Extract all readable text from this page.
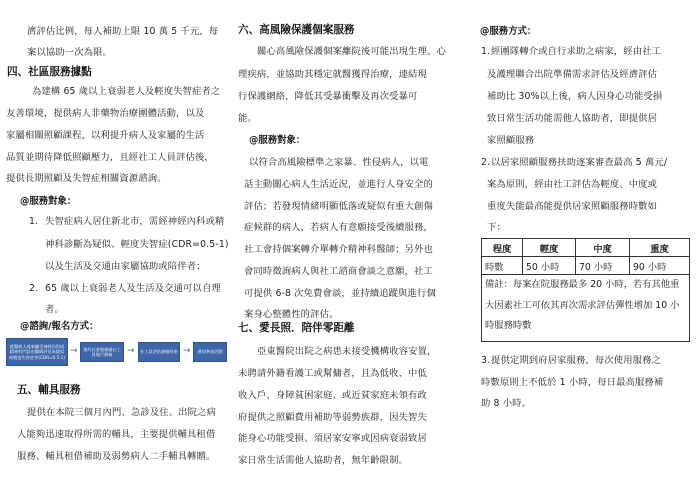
濟評估比例，每人補助上限 10 萬 5 千元，每
案以協助一次為限。
四、社區服務據點
為建構 65 歲以上衰弱老人及輕度失智症者之
友善環境，提供病人非藥物治療團體活動，以及
家屬相關照顧課程，以利提升病人及家屬的生活
品質並期待降低照顧壓力，且經社工人員評估後，
提供長期照顧及失智症相關資源諮詢。
@服務對象：
1. 失智症病人居住新北市，需經神經內科或精
神科診斷為疑似、輕度失智症(CDR=0.5-1)
以及生活及交通由家屬協助或陪伴者；
2. 65 歲以上衰弱老人及生活及交通可以自理
者。
@諮詢/報名方式：
就醫病人或家屬至神經內科或精神科門診由醫師評估為疑似或輕度失智症者(CDR=0.5-1)
→	預約社會服務處社工員進行篩檢	→	社工員評估篩檢結果 →	通知參加活動
五、輔具服務
提供在本院三個月內門、急診及住、出院之病
人能夠迅速取得所需的輔具，主要提供輔具租借
服務、輔具租借補助及弱勢病人二手輔具轉贈。
六、高風險保護個案服務
關心高風險保護個案離院後可能出現生理、心
理疾病，並協助其穩定就醫獲得治療，連結現
行保護網絡，降低其受暴衝擊及再次受暴可
能。
@服務對象：
以符合高風險標準之家暴、性侵病人，以電
話主動關心病人生活近況，並進行人身安全的
評估；若發現情緒明顯低落或疑似有重大創傷
症候群的病人，若病人有意願接受後續服務，
社工會持個案轉介單轉介精神科醫師；另外也
會同時徵詢病人與社工諮商會談之意願，社工
可提供 6-8 次免費會談，並持續追蹤與進行個
案身心整體性的評估。
七、愛長照．陪伴零距離
亞東醫院出院之病患未接受機構收容安置，
未聘請外籍看護工或幫傭者，且為低收、中低
收入戶、身障貧困家庭、或近貧家庭未領有政
府提供之照顧費用補助等弱勢族群，因失智失
能身心功能受損、須居家安寧或因病衰弱致居
家日常生活需他人協助者，無年齡限制。
@服務方式：
1. 經團隊轉介或自行求助之病家，經由社工
及護理聯合出院準備需求評估及經濟評估
補助比 30%以上後，病人因身心功能受損
致日常生活功能需他人協助者，即提供居
家照顧服務
2. 以居家照顧服務扶助逐案審查最高 5 萬元/
案為原則，經由社工評估為輕度、中度或
重度失能最高能提供居家照顧服務時數如
下：
程度	輕度	中度	重度
時數	50 小時	70 小時	90 小時
備註：每案在院服務最多 20 小時，若有其他重大因素社工可依其再次需求評估彈性增加 10 小時服務時數			
3. 提供定期到府居家服務，每次使用服務之
時數原則上不低於 1 小時，每日最高服務補
助 8 小時。
